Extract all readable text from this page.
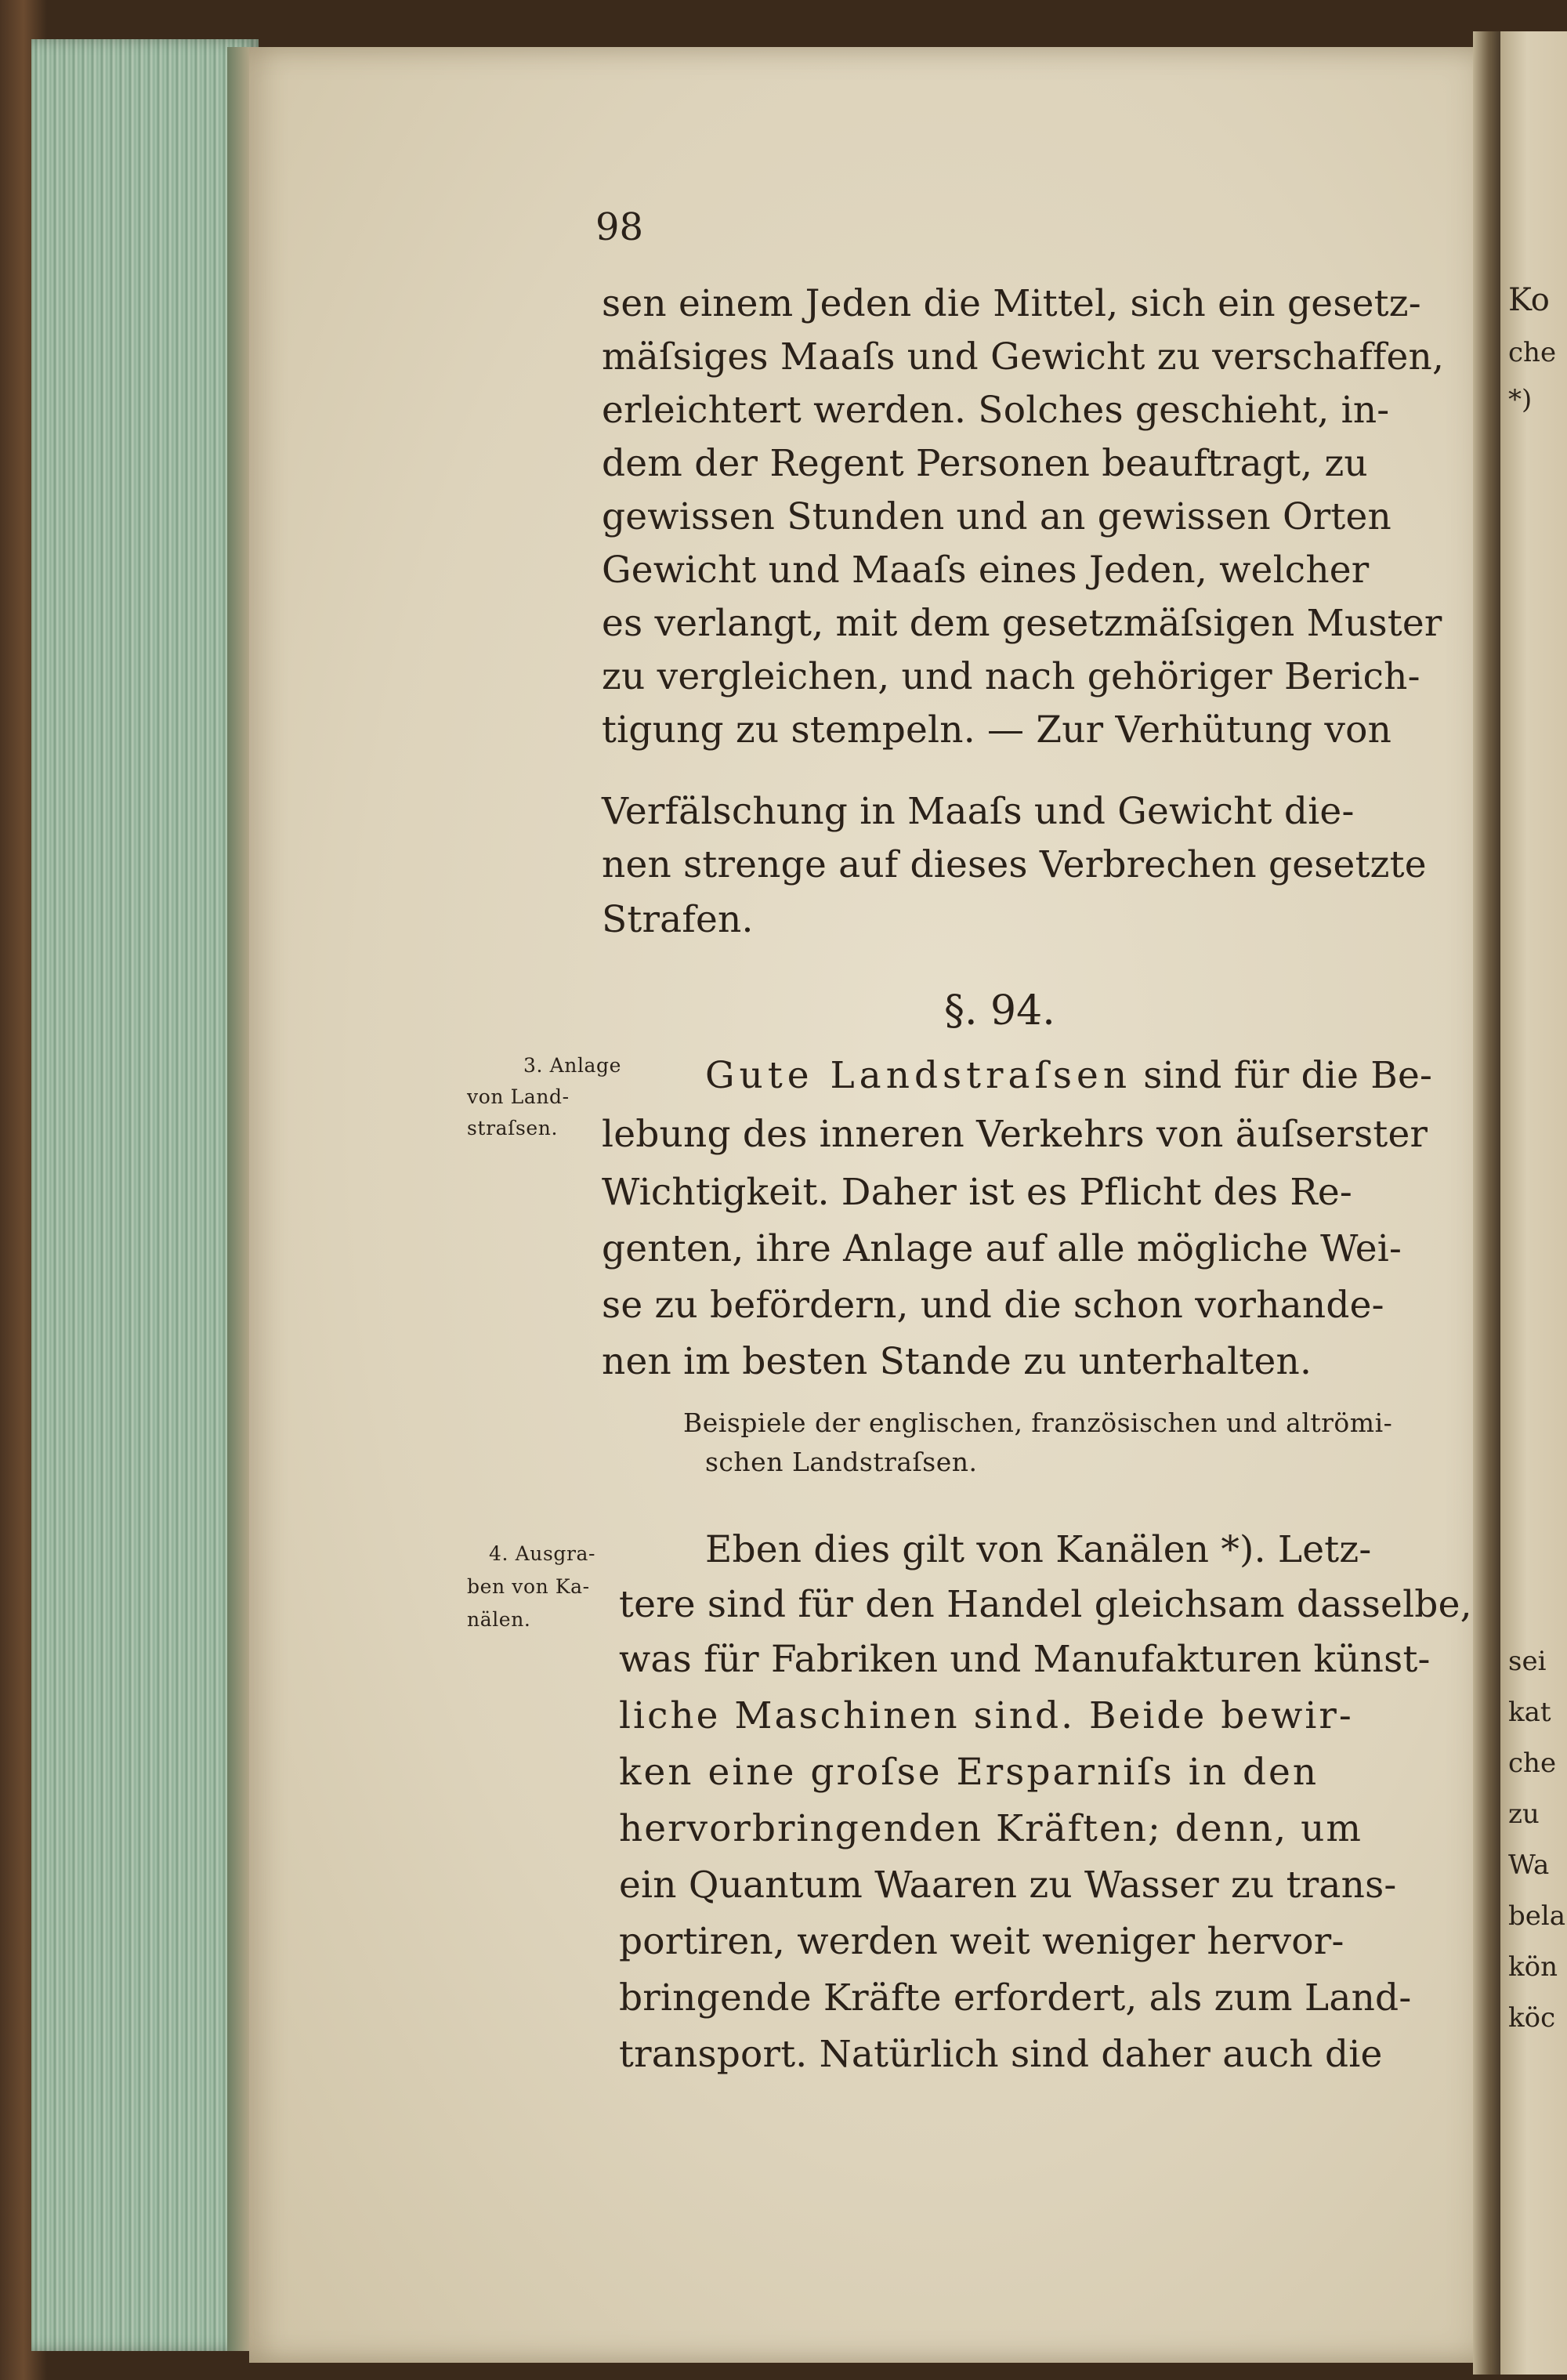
Ko
che
*)
sei
kat
che
zu
Wa
bela
kön
köc
98
sen einem Jeden die Mittel, sich ein gesetz-
mäſsiges Maaſs und Gewicht zu verschaffen,
erleichtert werden. Solches geschieht, in-
dem der Regent Personen beauftragt, zu
gewissen Stunden und an gewissen Orten
Gewicht und Maaſs eines Jeden, welcher
es verlangt, mit dem gesetzmäſsigen Muster
zu vergleichen, und nach gehöriger Berich-
tigung zu stempeln. — Zur Verhütung von
Verfälschung in Maaſs und Gewicht die-
nen strenge auf dieses Verbrechen gesetzte
Strafen.
§. 94.
3. Anlage
von Land-
straſsen.
Gute Landstraſsen sind für die Be-
lebung des inneren Verkehrs von äuſserster
Wichtigkeit. Daher ist es Pflicht des Re-
genten, ihre Anlage auf alle mögliche Wei-
se zu befördern, und die schon vorhande-
nen im besten Stande zu unterhalten.
Beispiele der englischen, französischen und altrömi-
schen Landstraſsen.
4. Ausgra-
ben von Ka-
nälen.
Eben dies gilt von Kanälen *). Letz-
tere sind für den Handel gleichsam dasselbe,
was für Fabriken und Manufakturen künst-
liche Maschinen sind. Beide bewir-
ken eine groſse Ersparniſs in den
hervorbringenden Kräften; denn, um
ein Quantum Waaren zu Wasser zu trans-
portiren, werden weit weniger hervor-
bringende Kräfte erfordert, als zum Land-
transport. Natürlich sind daher auch die
